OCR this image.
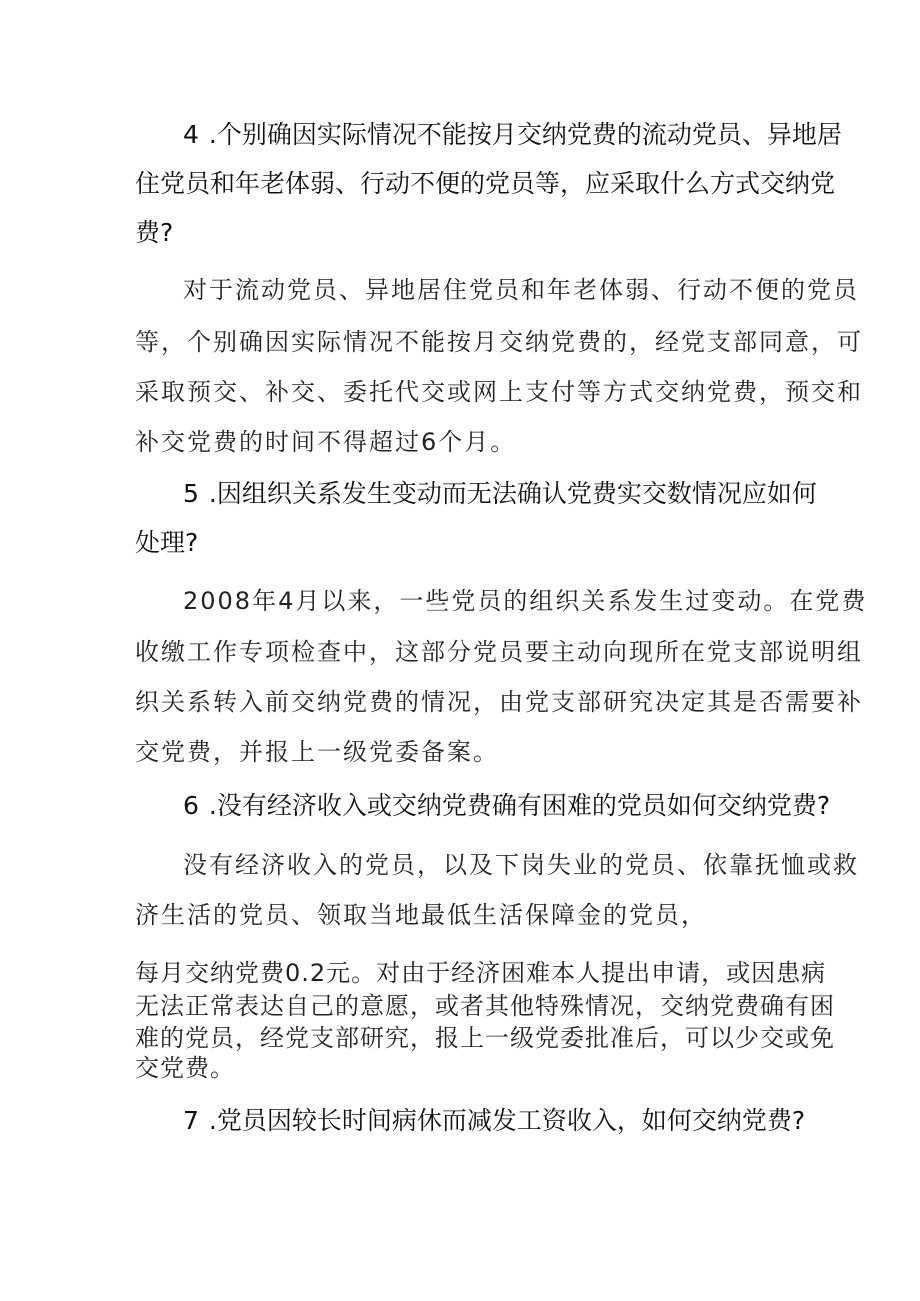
4 .个别确因实际情况不能按月交纳党费的流动党员、异地居
住党员和年老体弱、行动不便的党员等，应采取什么方式交纳党
费?
对于流动党员、异地居住党员和年老体弱、行动不便的党员
等，个别确因实际情况不能按月交纳党费的，经党支部同意，可
采取预交、补交、委托代交或网上支付等方式交纳党费，预交和
补交党费的时间不得超过6个月。
5 .因组织关系发生变动而无法确认党费实交数情况应如何
处理?
2008年4月以来，一些党员的组织关系发生过变动。在党费
收缴工作专项检查中，这部分党员要主动向现所在党支部说明组
织关系转入前交纳党费的情况，由党支部研究决定其是否需要补
交党费，并报上一级党委备案。
6 .没有经济收入或交纳党费确有困难的党员如何交纳党费?
没有经济收入的党员，以及下岗失业的党员、依靠抚恤或救
济生活的党员、领取当地最低生活保障金的党员，
每月交纳党费0.2元。对由于经济困难本人提出申请，或因患病
无法正常表达自己的意愿，或者其他特殊情况，交纳党费确有困
难的党员，经党支部研究，报上一级党委批准后，可以少交或免
交党费。
7 .党员因较长时间病休而减发工资收入，如何交纳党费?
